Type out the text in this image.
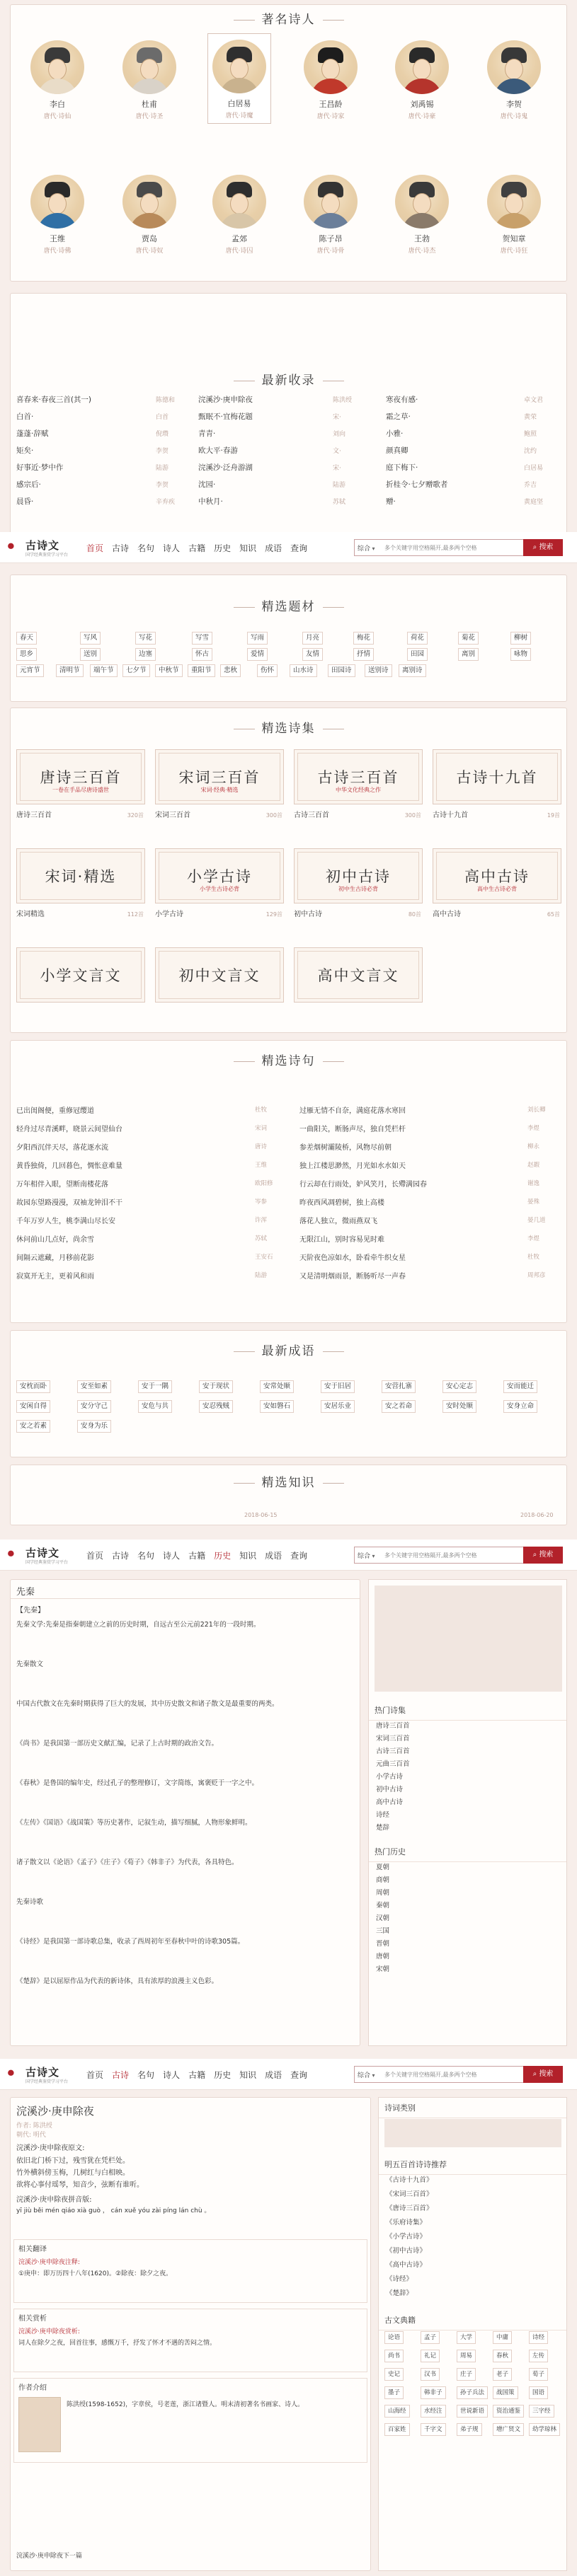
著名诗人
李白
唐代·诗仙
杜甫
唐代·诗圣
白居易
唐代·诗魔
王昌龄
唐代·诗家
刘禹锡
唐代·诗豪
李贺
唐代·诗鬼
王维
唐代·诗佛
贾岛
唐代·诗奴
孟郊
唐代·诗囚
陈子昂
唐代·诗骨
王勃
唐代·诗杰
贺知章
唐代·诗狂
最新收录
喜春来·春夜三首(其一)	陈德和	浣溪沙·庚申除夜	陈洪绶	寒夜有感·	卓文君
白首·	白首	甄眠不·宜梅花题	宋·	霜之草·	黄荣
蓬蓬·辞赋	倪瓒	青青·	刘向	小雅·	鲍照
矩矣·	李贺	欧大平·春游	文·	颜真卿	沈约
好事近·梦中作	陆游	浣溪沙·泛舟游湖	宋·	庭下梅下·	白居易
感宗后·	李贺	沈园·	陆游	折桂令·七夕赠歌者	乔吉
晨昏·	辛弃疾	中秋月·	苏轼	赠·	黄庭坚
ꔷ	古诗文
国学经典鉴赏学习平台
首页 古诗 名句 诗人 古籍 历史 知识 成语 查询	综合 ▾
多个关键字用空格隔开,最多两个空格	⌕ 搜索
精选题材
春天	写风	写花	写雪	写雨	月亮	梅花	荷花	菊花	柳树
思乡	送别	边塞	怀古	爱情	友情	抒情	田园	离别	咏物
元宵节	清明节	端午节	七夕节	中秋节	重阳节	悲秋	伤怀	山水诗	田园诗	送别诗	离别诗
精选诗集
唐诗三百首
一卷在手品尽唐诗盛世
唐诗三百首	320首
宋词三百首
宋词·经典·精选
宋词三百首	300首
古诗三百首
中华文化经典之作
古诗三百首	300首
古诗十九首
古诗十九首	19首
宋词·精选
宋词精选	112首
小学古诗
小学生古诗必背
小学古诗	129首
初中古诗
初中生古诗必背
初中古诗	80首
高中古诗
高中生古诗必背
高中古诗	65首
小学文言文	初中文言文	高中文言文
精选诗句
已出闺阁便，重修冠缨道	杜牧	过雁无情不自奈，满庭花落水寒回	刘长卿
轻舟过尽青溪畔，晓景云间望仙台	宋词	一曲阳关，断肠声尽，独自凭栏杆	李煜
夕阳西沉伴天尽，落花逐水流	唐诗	参差烟树灞陵桥，风物尽前朝	柳永
黄昏独倚，几回暮色，惆怅意难量	王维	独上江楼思渺然，月光如水水如天	赵嘏
万年相伴入眼，望断南楼花落	欧阳修	行云却在行雨处，妒风笑月，长殢满园春	谢逸
故园东望路漫漫，双袖龙钟泪不干	岑参	昨夜西风凋碧树，独上高楼	晏殊
千年万岁人生，桃李满山尽长安	许浑	落花人独立，微雨燕双飞	晏几道
休问前山几点好，尚余雪	苏轼	无限江山，别时容易见时难	李煜
间隔云遮藏，月移前花影	王安石	天阶夜色凉如水，卧看牵牛织女星	杜牧
寂寞开无主，更着风和雨	陆游	又是清明烟雨景，断肠听尽一声春	周邦彦
最新成语
安枕而卧	安至如素	安于一隅	安于现状	安常处顺	安于旧居	安营扎寨	安心定志	安而能迁
安闲自得	安分守己	安危与共	安忍残贼	安如磐石	安居乐业	安之若命	安时处顺	安身立命
安之若素	安身为乐
精选知识
2018-06-15	2018-06-20
ꔷ	古诗文
国学经典鉴赏学习平台
首页 古诗 名句 诗人 古籍 历史 知识 成语 查询	综合 ▾
多个关键字用空格隔开,最多两个空格	⌕ 搜索
先秦
【先秦】
先秦文学:先秦是指秦朝建立之前的历史时期，自远古至公元前221年的一段时期。
先秦散文
中国古代散文在先秦时期获得了巨大的发展，其中历史散文和诸子散文是最重要的两类。
《尚书》是我国第一部历史文献汇编，记录了上古时期的政治文告。
《春秋》是鲁国的编年史，经过孔子的整理修订，文字简练，寓褒贬于一字之中。
《左传》《国语》《战国策》等历史著作，记叙生动，描写细腻，人物形象鲜明。
诸子散文以《论语》《孟子》《庄子》《荀子》《韩非子》为代表，各具特色。
先秦诗歌
《诗经》是我国第一部诗歌总集，收录了西周初年至春秋中叶的诗歌305篇。
《楚辞》是以屈原作品为代表的新诗体，具有浓厚的浪漫主义色彩。
热门诗集
唐诗三百首
宋词三百首
古诗三百首
元曲三百首
小学古诗
初中古诗
高中古诗
诗经
楚辞
热门历史
夏朝
商朝
周朝
秦朝
汉朝
三国
晋朝
唐朝
宋朝
ꔷ	古诗文
国学经典鉴赏学习平台
首页 古诗 名句 诗人 古籍 历史 知识 成语 查询	综合 ▾
多个关键字用空格隔开,最多两个空格	⌕ 搜索
浣溪沙·庚申除夜
作者: 陈洪绶
朝代: 明代
浣溪沙·庚申除夜原文:
依旧北门桥下过，残雪犹在凭栏处。
竹外横斜傍玉梅，几树红与白相映。
欲将心事付瑶琴，知音少，弦断有谁听。
浣溪沙·庚申除夜拼音版:
yī jiù běi mén qiáo xià guò ， cán xuě yóu zài píng lán chù 。
相关翻译
浣溪沙·庚申除夜注释:
①庚申：即万历四十八年(1620)。②除夜：除夕之夜。
相关赏析
浣溪沙·庚申除夜赏析:
词人在除夕之夜，回首往事，感慨万千，抒发了怀才不遇的苦闷之情。
作者介绍
陈洪绶(1598-1652)，字章侯，号老莲，浙江诸暨人。明末清初著名书画家、诗人。
浣溪沙·庚申除夜下一篇
诗词类别
明五百首诗诗推荐
《古诗十九首》
《宋词三百首》
《唐诗三百首》
《乐府诗集》
《小学古诗》
《初中古诗》
《高中古诗》
《诗经》
《楚辞》
古文典籍
论语	孟子	大学	中庸	诗经
尚书	礼记	周易	春秋	左传
史记	汉书	庄子	老子	荀子
墨子	韩非子	孙子兵法	战国策	国语
山海经	水经注	世说新语	资治通鉴	三字经
百家姓	千字文	弟子规	增广贤文	幼学琼林
